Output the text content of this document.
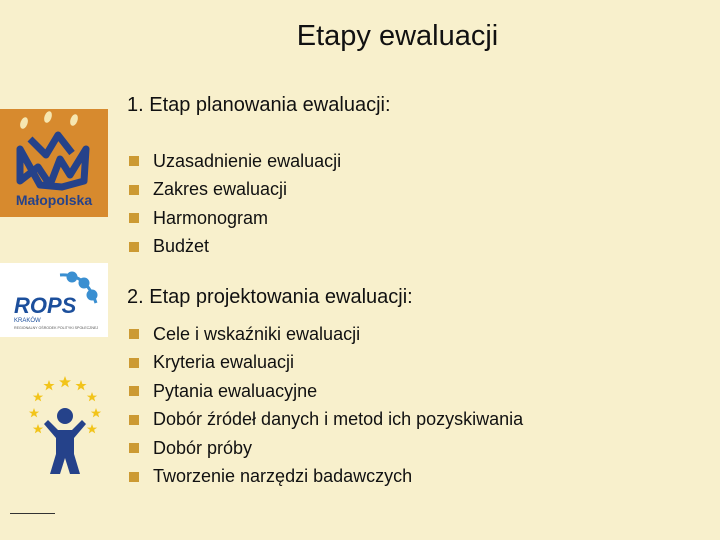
Etapy ewaluacji
Małopolska
1. Etap planowania ewaluacji:
Uzasadnienie ewaluacji
Zakres ewaluacji
Harmonogram
Budżet
ROPS
KRAKÓW
REGIONALNY OŚRODEK POLITYKI SPOŁECZNEJ
2. Etap projektowania ewaluacji:
Cele i wskaźniki ewaluacji
Kryteria ewaluacji
Pytania ewaluacyjne
Dobór źródeł danych i metod ich pozyskiwania
Dobór próby
Tworzenie narzędzi badawczych
